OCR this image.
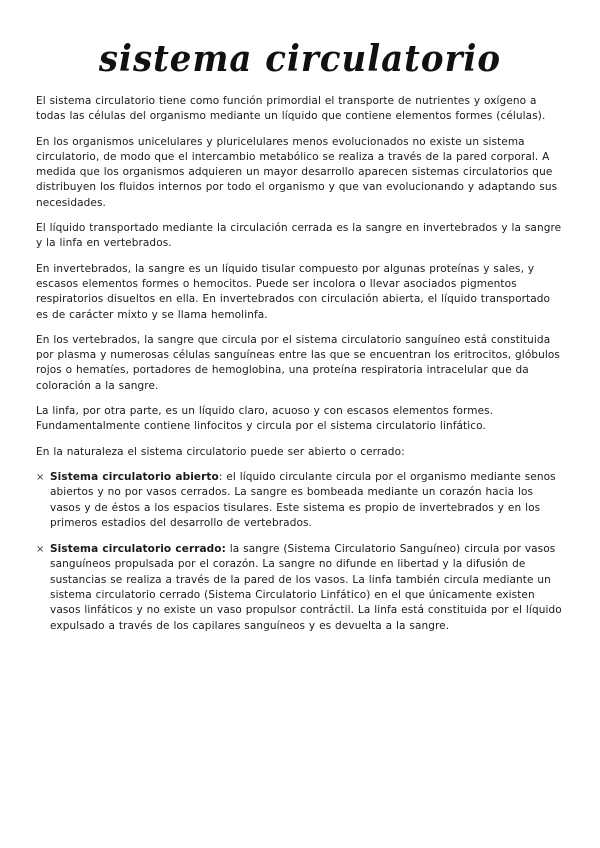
sistema circulatorio

El sistema circulatorio tiene como función primordial el transporte de nutrientes y oxígeno a todas las células del organismo mediante un líquido que contiene elementos formes (células).

En los organismos unicelulares y pluricelulares menos evolucionados no existe un sistema circulatorio, de modo que el intercambio metabólico se realiza a través de la pared corporal. A medida que los organismos adquieren un mayor desarrollo aparecen sistemas circulatorios que distribuyen los fluidos internos por todo el organismo y que van evolucionando y adaptando sus necesidades.

El líquido transportado mediante la circulación cerrada es la sangre en invertebrados y la sangre y la linfa en vertebrados.

En invertebrados, la sangre es un líquido tisular compuesto por algunas proteínas y sales, y escasos elementos formes o hemocitos. Puede ser incolora o llevar asociados pigmentos respiratorios disueltos en ella. En invertebrados con circulación abierta, el líquido transportado es de carácter mixto y se llama hemolinfa.

En los vertebrados, la sangre que circula por el sistema circulatorio sanguíneo está constituida por plasma y numerosas células sanguíneas entre las que se encuentran los eritrocitos, glóbulos rojos o hematíes, portadores de hemoglobina, una proteína respiratoria intracelular que da coloración a la sangre.

La linfa, por otra parte, es un líquido claro, acuoso y con escasos elementos formes. Fundamentalmente contiene linfocitos y circula por el sistema circulatorio linfático.

En la naturaleza el sistema circulatorio puede ser abierto o cerrado:

× Sistema circulatorio abierto: el líquido circulante circula por el organismo mediante senos abiertos y no por vasos cerrados. La sangre es bombeada mediante un corazón hacia los vasos y de éstos a los espacios tisulares. Este sistema es propio de invertebrados y en los primeros estadios del desarrollo de vertebrados.
× Sistema circulatorio cerrado: la sangre (Sistema Circulatorio Sanguíneo) circula por vasos sanguíneos propulsada por el corazón. La sangre no difunde en libertad y la difusión de sustancias se realiza a través de la pared de los vasos. La linfa también circula mediante un sistema circulatorio cerrado (Sistema Circulatorio Linfático) en el que únicamente existen vasos linfáticos y no existe un vaso propulsor contráctil. La linfa está constituida por el líquido expulsado a través de los capilares sanguíneos y es devuelta a la sangre.
